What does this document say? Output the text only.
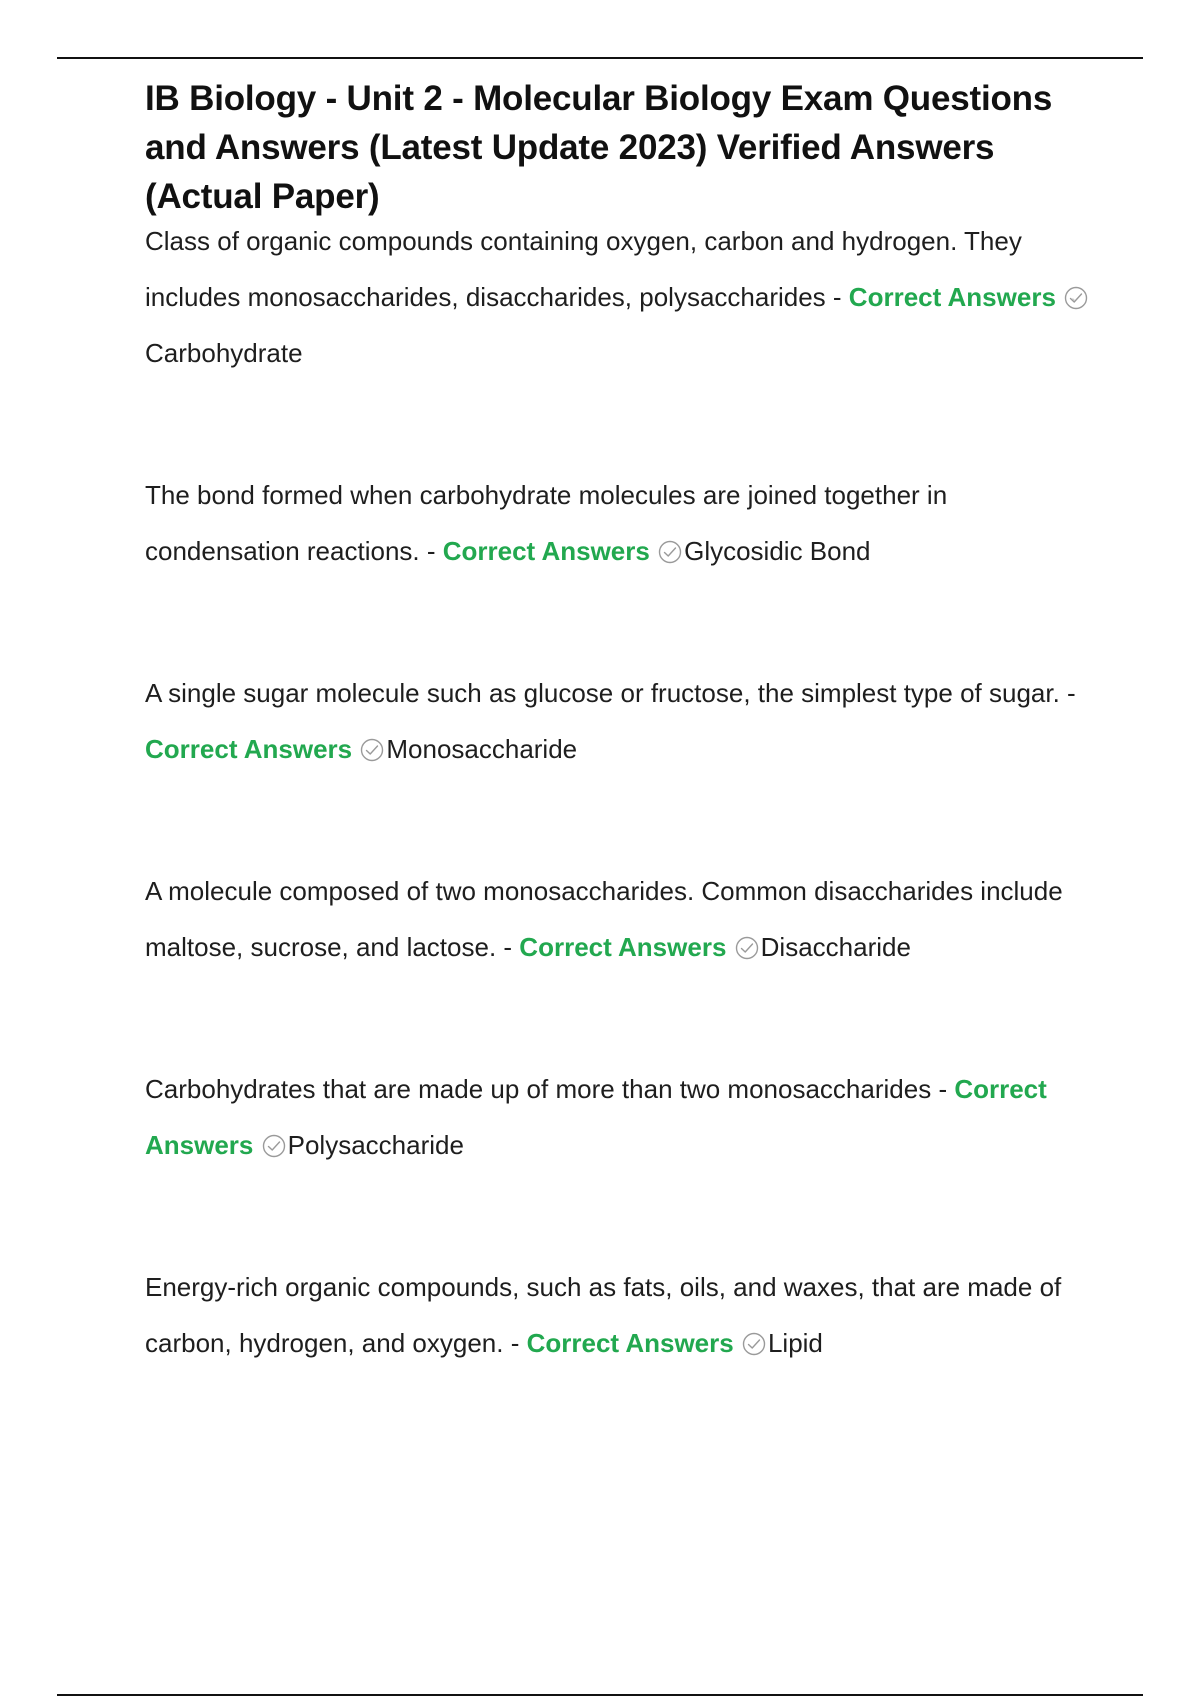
IB Biology - Unit 2 - Molecular Biology Exam Questions and Answers (Latest Update 2023) Verified Answers (Actual Paper)

Class of organic compounds containing oxygen, carbon and hydrogen. They includes monosaccharides, disaccharides, polysaccharides - Correct Answers
Carbohydrate

The bond formed when carbohydrate molecules are joined together in condensation reactions. - Correct Answers Glycosidic Bond

A single sugar molecule such as glucose or fructose, the simplest type of sugar. - Correct Answers Monosaccharide

A molecule composed of two monosaccharides. Common disaccharides include maltose, sucrose, and lactose. - Correct Answers Disaccharide

Carbohydrates that are made up of more than two monosaccharides - Correct Answers Polysaccharide

Energy-rich organic compounds, such as fats, oils, and waxes, that are made of carbon, hydrogen, and oxygen. - Correct Answers Lipid
